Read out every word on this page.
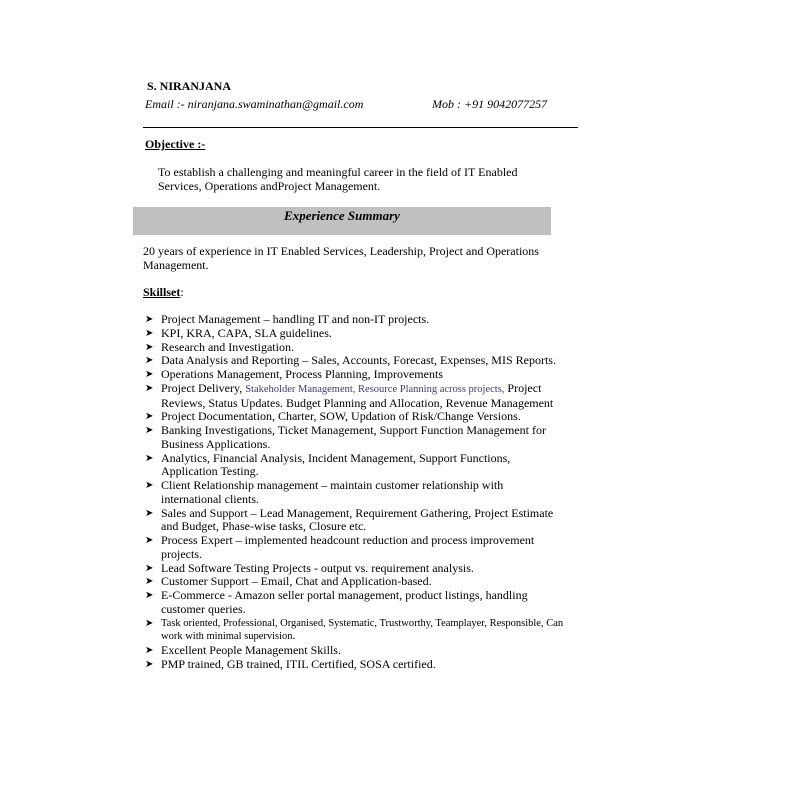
S. NIRANJANA
Email :- niranjana.swaminathan@gmail.com	Mob : +91 9042077257
Objective :-
To establish a challenging and meaningful career in the field of IT Enabled Services, Operations andProject Management.
Experience Summary
20 years of experience in IT Enabled Services, Leadership, Project and Operations Management.
Skillset:
➤ Project Management – handling IT and non-IT projects.
➤ KPI, KRA, CAPA, SLA guidelines.
➤ Research and Investigation.
➤ Data Analysis and Reporting – Sales, Accounts, Forecast, Expenses, MIS Reports.
➤ Operations Management, Process Planning, Improvements
➤ Project Delivery, Stakeholder Management, Resource Planning across projects, Project Reviews, Status Updates. Budget Planning and Allocation, Revenue Management
➤ Project Documentation, Charter, SOW, Updation of Risk/Change Versions.
➤ Banking Investigations, Ticket Management, Support Function Management for Business Applications.
➤ Analytics, Financial Analysis, Incident Management, Support Functions, Application Testing.
➤ Client Relationship management – maintain customer relationship with international clients.
➤ Sales and Support – Lead Management, Requirement Gathering, Project Estimate and Budget, Phase-wise tasks, Closure etc.
➤ Process Expert – implemented headcount reduction and process improvement projects.
➤ Lead Software Testing Projects - output vs. requirement analysis.
➤ Customer Support – Email, Chat and Application-based.
➤ E-Commerce - Amazon seller portal management, product listings, handling customer queries.
➤ Task oriented, Professional, Organised, Systematic, Trustworthy, Teamplayer, Responsible, Can work with minimal supervision.
➤ Excellent People Management Skills.
➤ PMP trained, GB trained, ITIL Certified, SOSA certified.
